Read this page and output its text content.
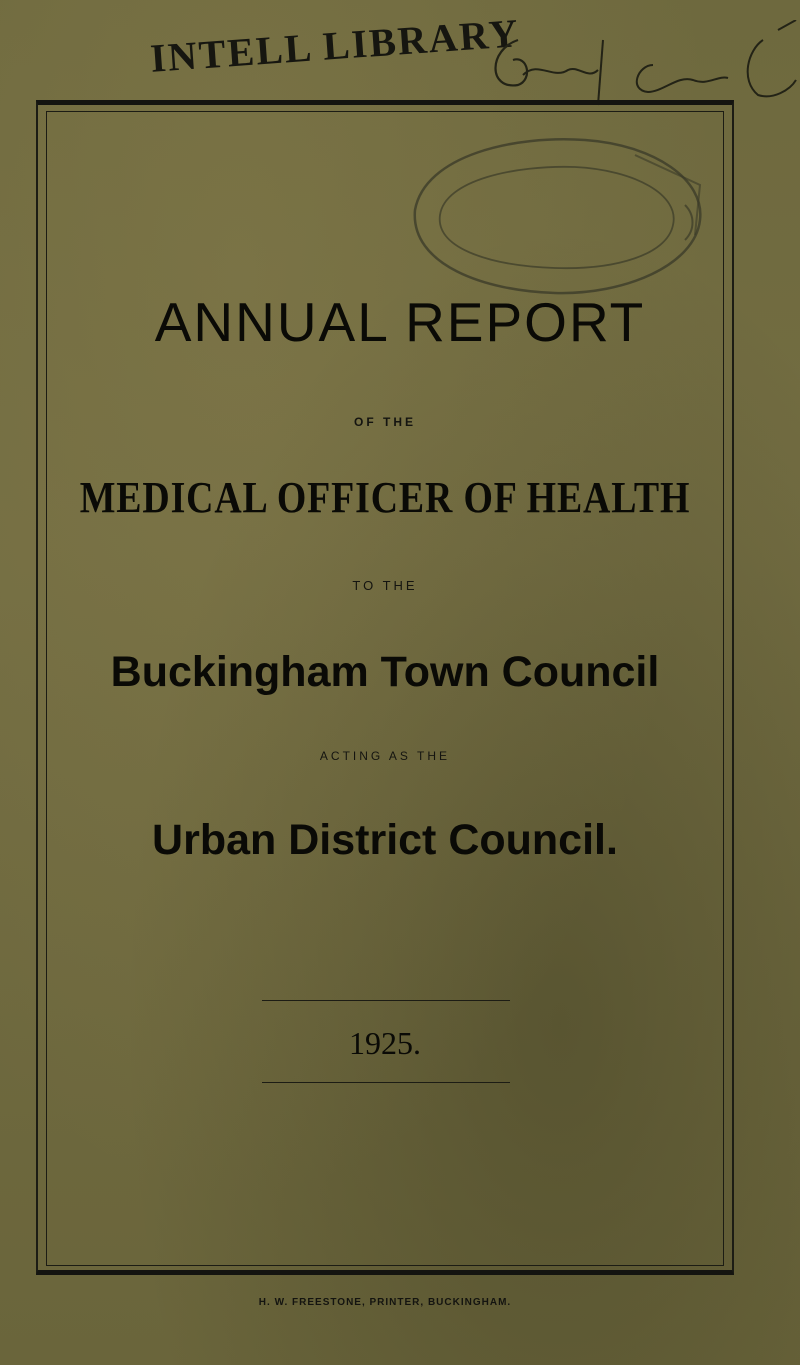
INTELL LIBRARY
ANNUAL REPORT
OF THE
MEDICAL OFFICER OF HEALTH
TO THE
Buckingham Town Council
ACTING AS THE
Urban District Council.
1925.
H. W. FREESTONE, PRINTER, BUCKINGHAM.
